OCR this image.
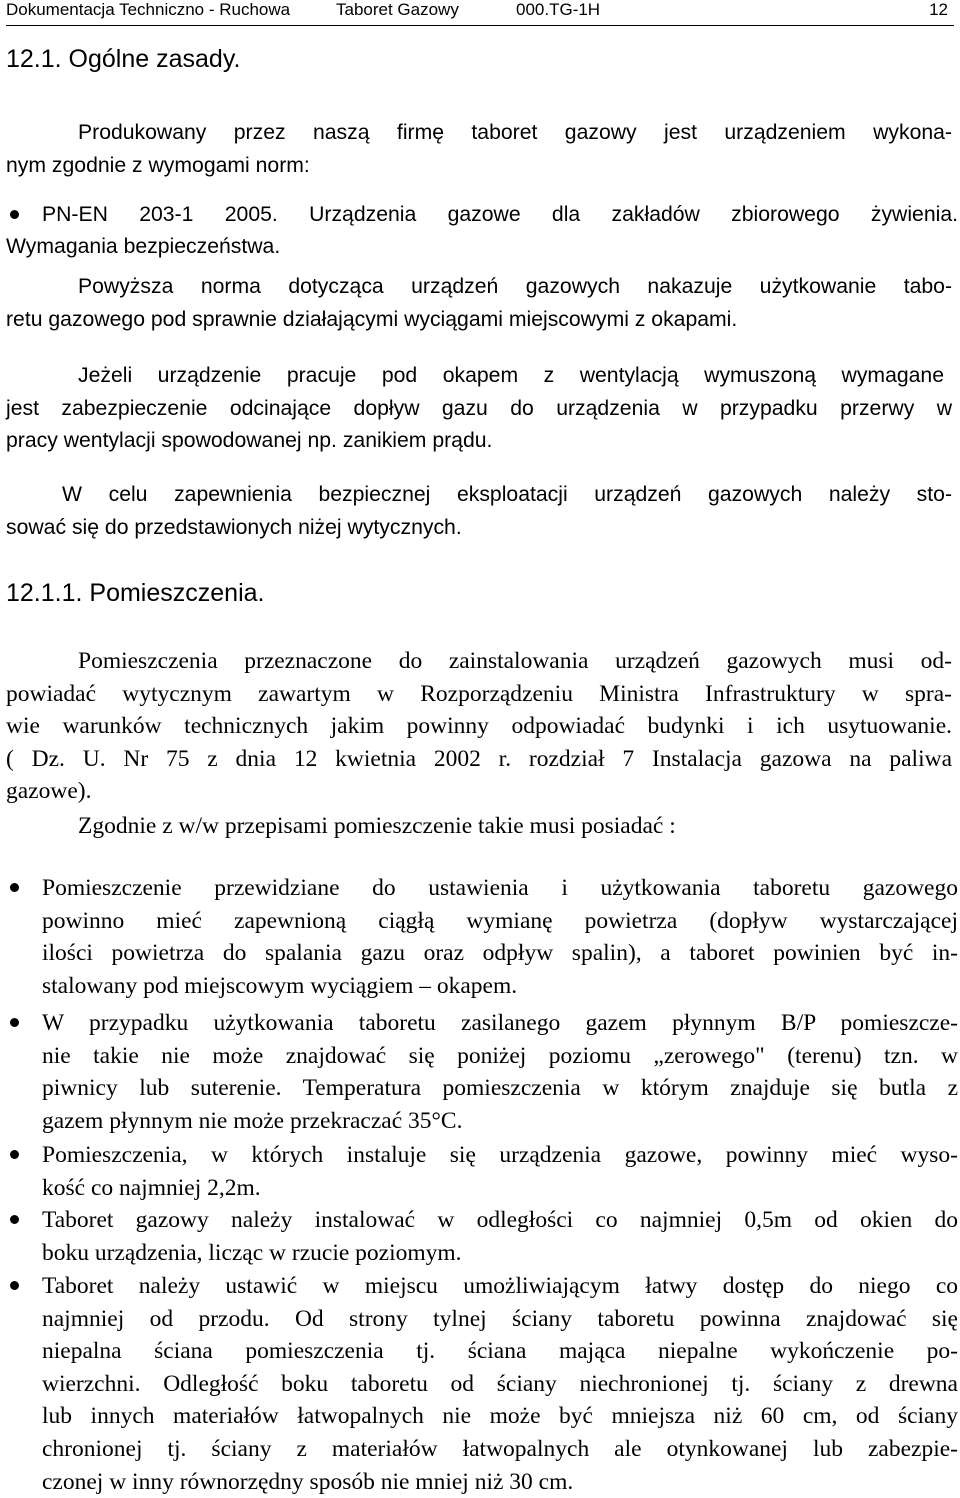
Dokumentacja Techniczno - Ruchowa	Taboret Gazowy	000.TG-1H	12
12.1. Ogólne zasady.
Produkowany przez naszą firmę taboret gazowy jest urządzeniem wykona-
nym zgodnie z wymogami norm:
PN-EN 203-1 2005. Urządzenia gazowe dla zakładów zbiorowego żywienia.
Wymagania bezpieczeństwa.
Powyższa norma dotycząca urządzeń gazowych nakazuje użytkowanie tabo-
retu gazowego pod sprawnie działającymi wyciągami miejscowymi z okapami.
Jeżeli urządzenie pracuje pod okapem z wentylacją wymuszoną wymagane
jest zabezpieczenie odcinające dopływ gazu do urządzenia w przypadku przerwy w
pracy wentylacji spowodowanej np. zanikiem prądu.
W celu zapewnienia bezpiecznej eksploatacji urządzeń gazowych należy sto-
sować się do przedstawionych niżej wytycznych.
12.1.1. Pomieszczenia.
Pomieszczenia przeznaczone do zainstalowania urządzeń gazowych musi od-
powiadać wytycznym zawartym w Rozporządzeniu Ministra Infrastruktury w spra-
wie warunków technicznych jakim powinny odpowiadać budynki i ich usytuowanie.
( Dz. U. Nr 75 z dnia 12 kwietnia 2002 r. rozdział 7 Instalacja gazowa na paliwa
gazowe).
Zgodnie z w/w przepisami pomieszczenie takie musi posiadać :
Pomieszczenie przewidziane do ustawienia i użytkowania taboretu gazowego
powinno mieć zapewnioną ciągłą wymianę powietrza (dopływ wystarczającej
ilości powietrza do spalania gazu oraz odpływ spalin), a taboret powinien być in-
stalowany pod miejscowym wyciągiem – okapem.
W przypadku użytkowania taboretu zasilanego gazem płynnym B/P pomieszcze-
nie takie nie może znajdować się poniżej poziomu „zerowego" (terenu) tzn. w
piwnicy lub suterenie. Temperatura pomieszczenia w którym znajduje się butla z
gazem płynnym nie może przekraczać 35°C.
Pomieszczenia, w których instaluje się urządzenia gazowe, powinny mieć wyso-
kość co najmniej 2,2m.
Taboret gazowy należy instalować w odległości co najmniej 0,5m od okien do
boku urządzenia, licząc w rzucie poziomym.
Taboret należy ustawić w miejscu umożliwiającym łatwy dostęp do niego co
najmniej od przodu. Od strony tylnej ściany taboretu powinna znajdować się
niepalna ściana pomieszczenia tj. ściana mająca niepalne wykończenie po-
wierzchni. Odległość boku taboretu od ściany niechronionej tj. ściany z drewna
lub innych materiałów łatwopalnych nie może być mniejsza niż 60 cm, od ściany
chronionej tj. ściany z materiałów łatwopalnych ale otynkowanej lub zabezpie-
czonej w inny równorzędny sposób nie mniej niż 30 cm.
